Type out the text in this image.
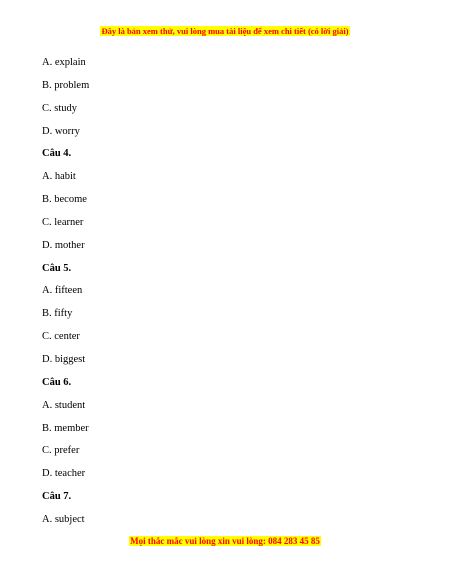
Đây là bản xem thử, vui lòng mua tài liệu để xem chi tiết (có lời giải)
A. explain
B. problem
C. study
D. worry
Câu 4.
A. habit
B. become
C. learner
D. mother
Câu 5.
A. fifteen
B. fifty
C. center
D. biggest
Câu 6.
A. student
B. member
C. prefer
D. teacher
Câu 7.
A. subject
Mọi thắc mắc vui lòng xin vui lòng: 084 283 45 85
